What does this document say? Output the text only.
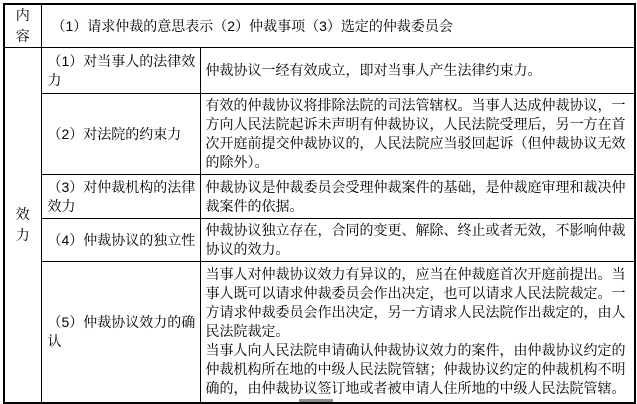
内容	（1）请求仲裁的意思表示（2）仲裁事项（3）选定的仲裁委员会	
效力	（1）对当事人的法律效力	仲裁协议一经有效成立，即对当事人产生法律约束力。
	（2）对法院的约束力	有效的仲裁协议将排除法院的司法管辖权。当事人达成仲裁协议，一方向人民法院起诉未声明有仲裁协议，人民法院受理后，另一方在首次开庭前提交仲裁协议的，人民法院应当驳回起诉（但仲裁协议无效的除外）。
	（3）对仲裁机构的法律效力	仲裁协议是仲裁委员会受理仲裁案件的基础，是仲裁庭审理和裁决仲裁案件的依据。
	（4）仲裁协议的独立性	仲裁协议独立存在，合同的变更、解除、终止或者无效，不影响仲裁协议的效力。
	（5）仲裁协议效力的确认	当事人对仲裁协议效力有异议的，应当在仲裁庭首次开庭前提出。当事人既可以请求仲裁委员会作出决定，也可以请求人民法院裁定。一方请求仲裁委员会作出决定，另一方请求人民法院作出裁定的，由人民法院裁定。
当事人向人民法院申请确认仲裁协议效力的案件，由仲裁协议约定的仲裁机构所在地的中级人民法院管辖；仲裁协议约定的仲裁机构不明确的，由仲裁协议签订地或者被申请人住所地的中级人民法院管辖。
